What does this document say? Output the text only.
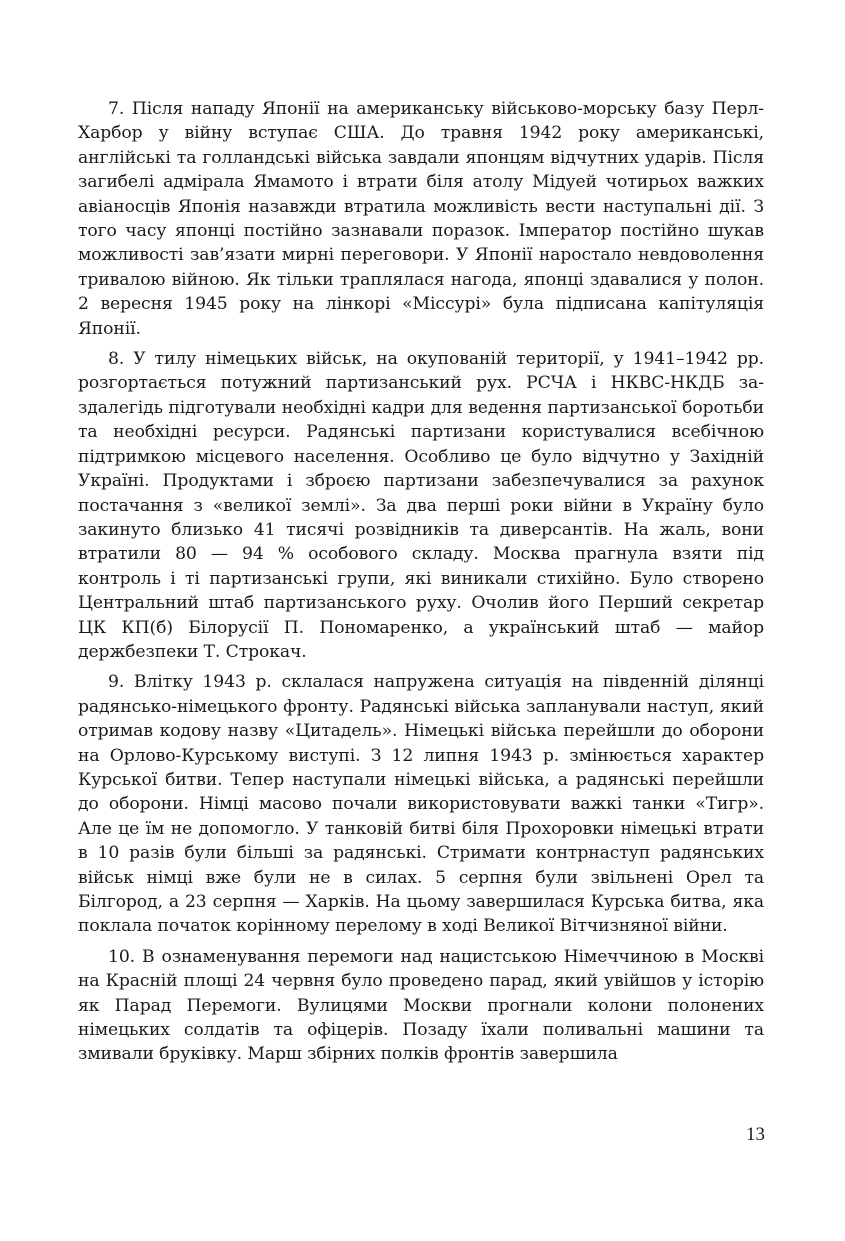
7. Після нападу Японії на американську військово-морську базу Перл-Харбор у війну вступає США. До травня 1942 року американські, англійські та голландські війська завдали японцям відчутних ударів. Після загибелі адмірала Ямамото і втрати біля атолу Мідуей чотирьох важких авіаносців Японія назавжди втратила можливість вести наступальні дії. З того часу японці постійно зазнавали поразок. Імператор постійно шукав можливості зав’язати мирні переговори. У Японії наростало невдоволення тривалою війною. Як тільки траплялася нагода, японці здавалися у полон. 2 вересня 1945 року на лінкорі «Міссурі» була підписана капітуляція Японії.

8. У тилу німецьких військ, на окупованій території, у 1941–1942 рр. розгортається потужний партизанський рух. РСЧА і НКВС-НКДБ заздалегідь підготували необхідні кадри для ведення партизанської боротьби та необхідні ресурси. Радянські партизани користувалися всебічною підтримкою місцевого населення. Особливо це було відчутно у Західній Україні. Продуктами і зброєю партизани забезпечувалися за рахунок постачання з «великої землі». За два перші роки війни в Україну було закинуто близько 41 тисячі розвідників та диверсантів. На жаль, вони втратили 80 — 94 % особового складу. Москва прагнула взяти під контроль і ті партизанські групи, які виникали стихійно. Було створено Центральний штаб партизанського руху. Очолив його Перший секретар ЦК КП(б) Білорусії П. Пономаренко, а український штаб — майор держбезпеки Т. Строкач.

9. Влітку 1943 р. склалася напружена ситуація на південній ділянці радянсько-німецького фронту. Радянські війська запланували наступ, який отримав кодову назву «Цитадель». Німецькі війська перейшли до оборони на Орлово-Курському виступі. З 12 липня 1943 р. змінюється характер Курської битви. Тепер наступали німецькі війська, а радянські перейшли до оборони. Німці масово почали використовувати важкі танки «Тигр». Але це їм не допомогло. У танковій битві біля Прохоровки німецькі втрати в 10 разів були більші за радянські. Стримати контрнаступ радянських військ німці вже були не в силах. 5 серпня були звільнені Орел та Білгород, а 23 серпня — Харків. На цьому завершилася Курська битва, яка поклала початок корінному перелому в ході Великої Вітчизняної війни.

10. В ознаменування перемоги над нацистською Німеччиною в Москві на Красній площі 24 червня було проведено парад, який увійшов у історію як Парад Перемоги. Вулицями Москви прогнали колони полонених німецьких солдатів та офіцерів. Позаду їхали поливальні машини та змивали бруківку. Марш збірних полків фронтів завершила

13
